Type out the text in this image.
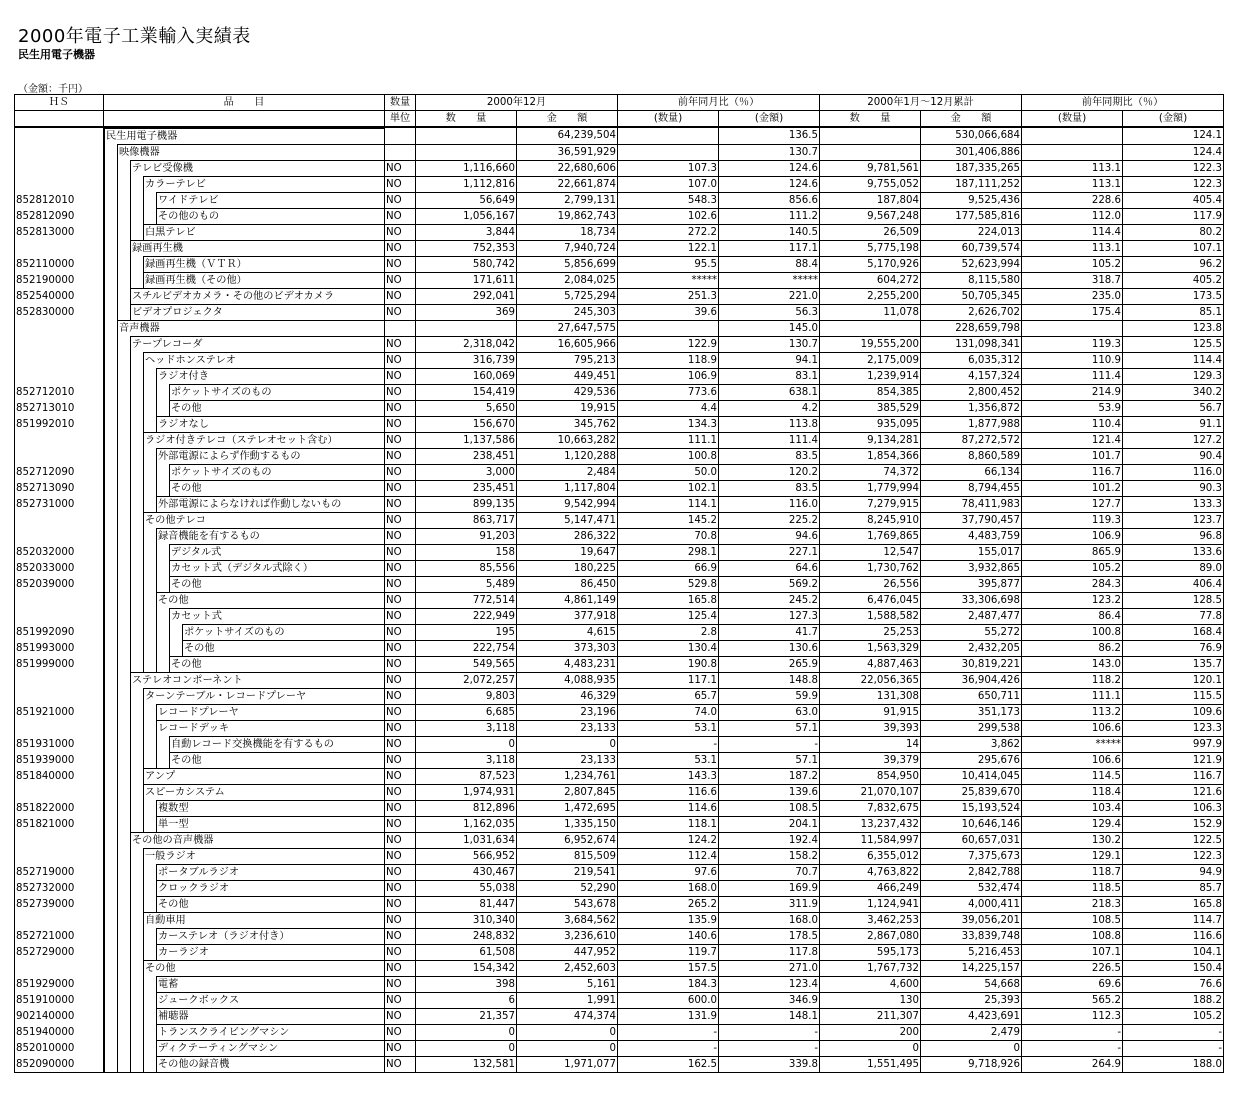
2000年電子工業輸入実績表
民生用電子機器
（金額：千円）
ＨＳ	品　　目	数量	2000年12月		前年同月比（％）		2000年1月～12月累計		前年同期比（％）	
		単位	数　　量	金　　額	(数量)	(金額)	数　　量	金　　額	(数量)	(金額)

	民生用電子機器			64,239,504		136.5		530,066,684		124.1

	映像機器			36,591,929		130.7		301,406,886		124.4

	テレビ受像機	NO	1,116,660	22,680,606	107.3	124.6	9,781,561	187,335,265	113.1	122.3

	カラーテレビ	NO	1,112,816	22,661,874	107.0	124.6	9,755,052	187,111,252	113.1	122.3
852812010	ワイドテレビ	NO	56,649	2,799,131	548.3	856.6	187,804	9,525,436	228.6	405.4
852812090	その他のもの	NO	1,056,167	19,862,743	102.6	111.2	9,567,248	177,585,816	112.0	117.9
852813000	白黒テレビ	NO	3,844	18,734	272.2	140.5	26,509	224,013	114.4	80.2

	録画再生機	NO	752,353	7,940,724	122.1	117.1	5,775,198	60,739,574	113.1	107.1
852110000	録画再生機（ＶＴＲ）	NO	580,742	5,856,699	95.5	88.4	5,170,926	52,623,994	105.2	96.2
852190000	録画再生機（その他）	NO	171,611	2,084,025	*****	*****	604,272	8,115,580	318.7	405.2
852540000	スチルビデオカメラ・その他のビデオカメラ	NO	292,041	5,725,294	251.3	221.0	2,255,200	50,705,345	235.0	173.5
852830000	ビデオプロジェクタ	NO	369	245,303	39.6	56.3	11,078	2,626,702	175.4	85.1

	音声機器			27,647,575		145.0		228,659,798		123.8

	テープレコーダ	NO	2,318,042	16,605,966	122.9	130.7	19,555,200	131,098,341	119.3	125.5

	ヘッドホンステレオ	NO	316,739	795,213	118.9	94.1	2,175,009	6,035,312	110.9	114.4

	ラジオ付き	NO	160,069	449,451	106.9	83.1	1,239,914	4,157,324	111.4	129.3
852712010	ポケットサイズのもの	NO	154,419	429,536	773.6	638.1	854,385	2,800,452	214.9	340.2
852713010	その他	NO	5,650	19,915	4.4	4.2	385,529	1,356,872	53.9	56.7
851992010	ラジオなし	NO	156,670	345,762	134.3	113.8	935,095	1,877,988	110.4	91.1

	ラジオ付きテレコ（ステレオセット含む）	NO	1,137,586	10,663,282	111.1	111.4	9,134,281	87,272,572	121.4	127.2

	外部電源によらず作動するもの	NO	238,451	1,120,288	100.8	83.5	1,854,366	8,860,589	101.7	90.4
852712090	ポケットサイズのもの	NO	3,000	2,484	50.0	120.2	74,372	66,134	116.7	116.0
852713090	その他	NO	235,451	1,117,804	102.1	83.5	1,779,994	8,794,455	101.2	90.3
852731000	外部電源によらなければ作動しないもの	NO	899,135	9,542,994	114.1	116.0	7,279,915	78,411,983	127.7	133.3

	その他テレコ	NO	863,717	5,147,471	145.2	225.2	8,245,910	37,790,457	119.3	123.7

	録音機能を有するもの	NO	91,203	286,322	70.8	94.6	1,769,865	4,483,759	106.9	96.8
852032000	デジタル式	NO	158	19,647	298.1	227.1	12,547	155,017	865.9	133.6
852033000	カセット式（デジタル式除く）	NO	85,556	180,225	66.9	64.6	1,730,762	3,932,865	105.2	89.0
852039000	その他	NO	5,489	86,450	529.8	569.2	26,556	395,877	284.3	406.4

	その他	NO	772,514	4,861,149	165.8	245.2	6,476,045	33,306,698	123.2	128.5

	カセット式	NO	222,949	377,918	125.4	127.3	1,588,582	2,487,477	86.4	77.8
851992090	ポケットサイズのもの	NO	195	4,615	2.8	41.7	25,253	55,272	100.8	168.4
851993000	その他	NO	222,754	373,303	130.4	130.6	1,563,329	2,432,205	86.2	76.9
851999000	その他	NO	549,565	4,483,231	190.8	265.9	4,887,463	30,819,221	143.0	135.7

	ステレオコンポーネント	NO	2,072,257	4,088,935	117.1	148.8	22,056,365	36,904,426	118.2	120.1

	ターンテーブル・レコードプレーヤ	NO	9,803	46,329	65.7	59.9	131,308	650,711	111.1	115.5
851921000	レコードプレーヤ	NO	6,685	23,196	74.0	63.0	91,915	351,173	113.2	109.6

	レコードデッキ	NO	3,118	23,133	53.1	57.1	39,393	299,538	106.6	123.3
851931000	自動レコード交換機能を有するもの	NO	0	0	-	-	14	3,862	*****	997.9
851939000	その他	NO	3,118	23,133	53.1	57.1	39,379	295,676	106.6	121.9
851840000	アンプ	NO	87,523	1,234,761	143.3	187.2	854,950	10,414,045	114.5	116.7

	スピーカシステム	NO	1,974,931	2,807,845	116.6	139.6	21,070,107	25,839,670	118.4	121.6
851822000	複数型	NO	812,896	1,472,695	114.6	108.5	7,832,675	15,193,524	103.4	106.3
851821000	単一型	NO	1,162,035	1,335,150	118.1	204.1	13,237,432	10,646,146	129.4	152.9

	その他の音声機器	NO	1,031,634	6,952,674	124.2	192.4	11,584,997	60,657,031	130.2	122.5

	一般ラジオ	NO	566,952	815,509	112.4	158.2	6,355,012	7,375,673	129.1	122.3
852719000	ポータブルラジオ	NO	430,467	219,541	97.6	70.7	4,763,822	2,842,788	118.7	94.9
852732000	クロックラジオ	NO	55,038	52,290	168.0	169.9	466,249	532,474	118.5	85.7
852739000	その他	NO	81,447	543,678	265.2	311.9	1,124,941	4,000,411	218.3	165.8

	自動車用	NO	310,340	3,684,562	135.9	168.0	3,462,253	39,056,201	108.5	114.7
852721000	カーステレオ（ラジオ付き）	NO	248,832	3,236,610	140.6	178.5	2,867,080	33,839,748	108.8	116.6
852729000	カーラジオ	NO	61,508	447,952	119.7	117.8	595,173	5,216,453	107.1	104.1

	その他	NO	154,342	2,452,603	157.5	271.0	1,767,732	14,225,157	226.5	150.4
851929000	電蓄	NO	398	5,161	184.3	123.4	4,600	54,668	69.6	76.6
851910000	ジュークボックス	NO	6	1,991	600.0	346.9	130	25,393	565.2	188.2
902140000	補聴器	NO	21,357	474,374	131.9	148.1	211,307	4,423,691	112.3	105.2
851940000	トランスクライビングマシン	NO	0	0	-	-	200	2,479	-	-
852010000	ディクテーティングマシン	NO	0	0	-	-	0	0	-	-
852090000	その他の録音機	NO	132,581	1,971,077	162.5	339.8	1,551,495	9,718,926	264.9	188.0
